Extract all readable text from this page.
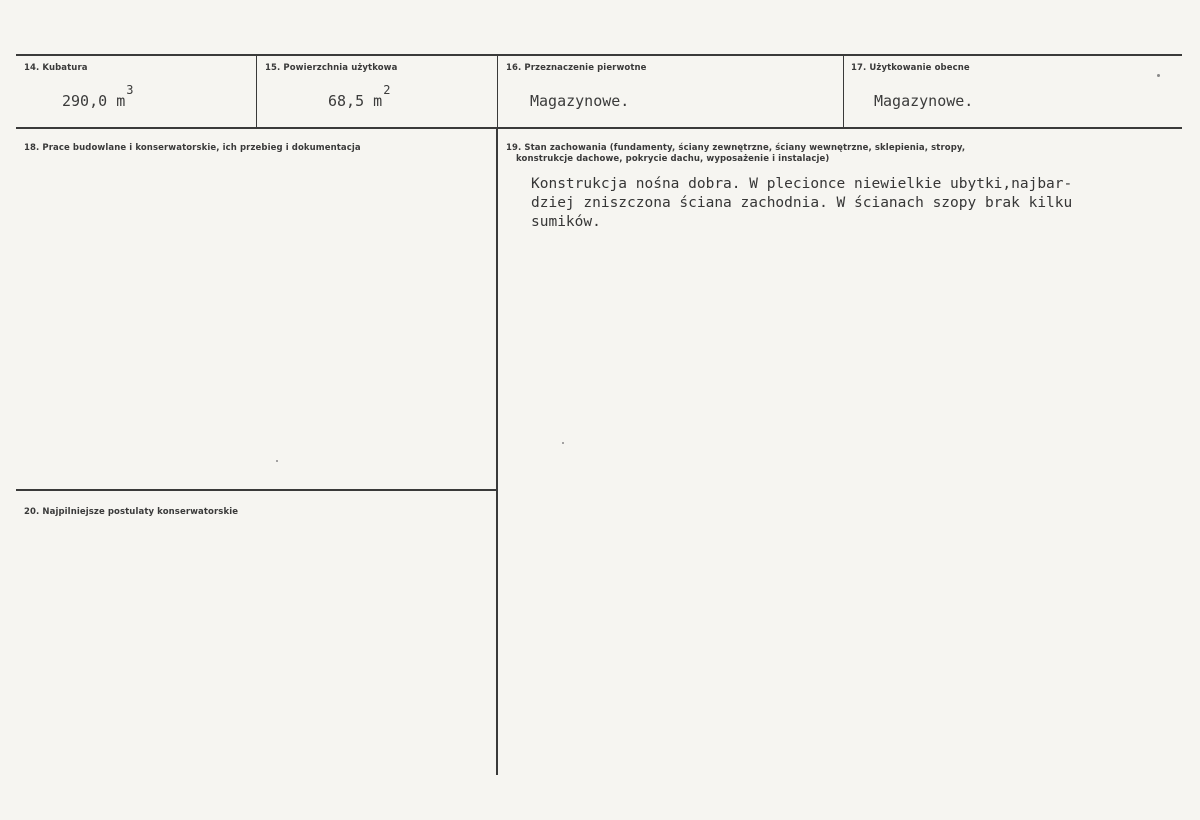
14. Kubatura
290,0 $m^3$
15. Powierzchnia użytkowa
68,5 $m^2$
16. Przeznaczenie pierwotne
Magazynowe.
17. Użytkowanie obecne
Magazynowe.
18. Prace budowlane i konserwatorskie, ich przebieg i dokumentacja	19. Stan zachowania (fundamenty, ściany zewnętrzne, ściany wewnętrzne, sklepienia, stropy,
konstrukcje dachowe, pokrycie dachu, wyposażenie i instalacje)
Konstrukcja nośna dobra. W plecionce niewielkie ubytki,najbar-
dziej zniszczona ściana zachodnia. W ścianach szopy brak kilku
sumików.
20. Najpilniejsze postulaty konserwatorskie
